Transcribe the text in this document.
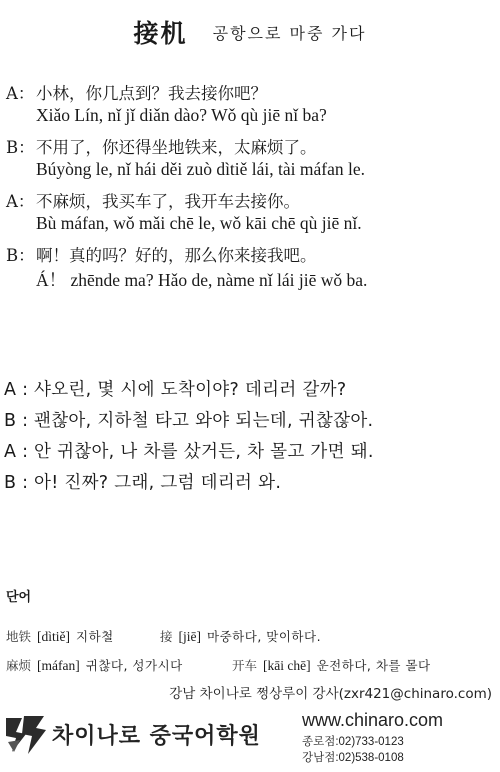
接机 공항으로 마중 가다
A：小林，你几点到？我去接你吧？
Xiǎo Lín, nǐ jǐ diǎn dào? Wǒ qù jiē nǐ ba?
B：不用了，你还得坐地铁来，太麻烦了。
Búyòng le, nǐ hái děi zuò dìtiě lái, tài máfan le.
A：不麻烦，我买车了，我开车去接你。
Bù máfan, wǒ mǎi chē le, wǒ kāi chē qù jiē nǐ.
B：啊！真的吗？好的，那么你来接我吧。
Á！ zhēnde ma? Hǎo de, nàme nǐ lái jiē wǒ ba.
A : 샤오린, 몇 시에 도착이야? 데리러 갈까?
B : 괜찮아, 지하철 타고 와야 되는데, 귀찮잖아.
A : 안 귀찮아, 나 차를 샀거든, 차 몰고 가면 돼.
B : 아! 진짜? 그래, 그럼 데리러 와.
단어
地铁 [dìtiě] 지하철	接 [jiē] 마중하다, 맞이하다.
麻烦 [máfan] 귀찮다, 성가시다	开车 [kāi chē] 운전하다, 차를 몰다
강남 차이나로 쩡상루이 강사(zxr421@chinaro.com)
차이나로 중국어학원
www.chinaro.com
종로점:02)733-0123
강남점:02)538-0108
